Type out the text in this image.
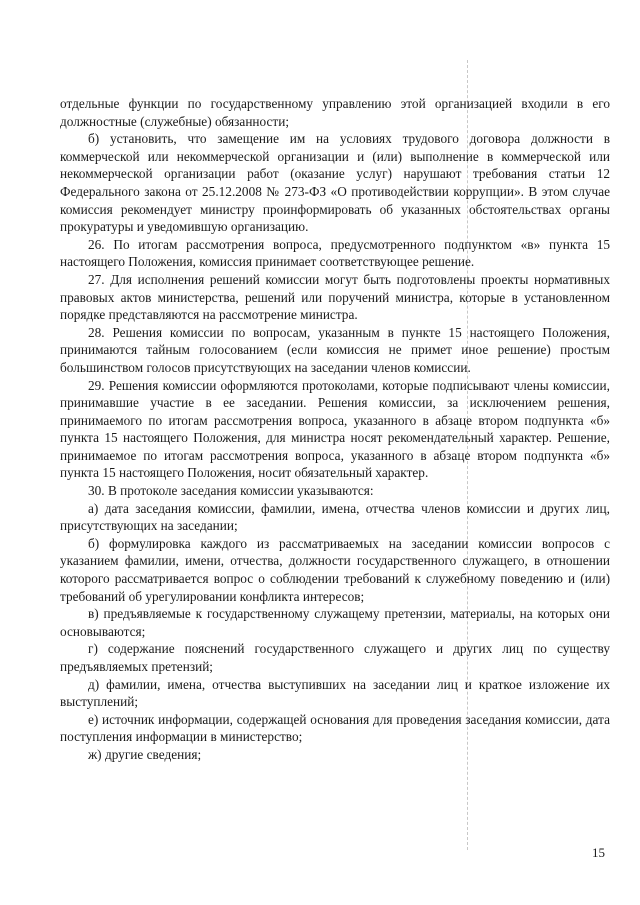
отдельные функции по государственному управлению этой организацией входили в его должностные (служебные) обязанности;

б) установить, что замещение им на условиях трудового договора должности в коммерческой или некоммерческой организации и (или) выполнение в коммерческой или некоммерческой организации работ (оказание услуг) нарушают требования статьи 12 Федерального закона от 25.12.2008 № 273-ФЗ «О противодействии коррупции». В этом случае комиссия рекомендует министру проинформировать об указанных обстоятельствах органы прокуратуры и уведомившую организацию.

26. По итогам рассмотрения вопроса, предусмотренного подпунктом «в» пункта 15 настоящего Положения, комиссия принимает соответствующее решение.

27. Для исполнения решений комиссии могут быть подготовлены проекты нормативных правовых актов министерства, решений или поручений министра, которые в установленном порядке представляются на рассмотрение министра.

28. Решения комиссии по вопросам, указанным в пункте 15 настоящего Положения, принимаются тайным голосованием (если комиссия не примет иное решение) простым большинством голосов присутствующих на заседании членов комиссии.

29. Решения комиссии оформляются протоколами, которые подписывают члены комиссии, принимавшие участие в ее заседании. Решения комиссии, за исключением решения, принимаемого по итогам рассмотрения вопроса, указанного в абзаце втором подпункта «б» пункта 15 настоящего Положения, для министра носят рекомендательный характер. Решение, принимаемое по итогам рассмотрения вопроса, указанного в абзаце втором подпункта «б» пункта 15 настоящего Положения, носит обязательный характер.

30. В протоколе заседания комиссии указываются:

а) дата заседания комиссии, фамилии, имена, отчества членов комиссии и других лиц, присутствующих на заседании;

б) формулировка каждого из рассматриваемых на заседании комиссии вопросов с указанием фамилии, имени, отчества, должности государственного служащего, в отношении которого рассматривается вопрос о соблюдении требований к служебному поведению и (или) требований об урегулировании конфликта интересов;

в) предъявляемые к государственному служащему претензии, материалы, на которых они основываются;

г) содержание пояснений государственного служащего и других лиц по существу предъявляемых претензий;

д) фамилии, имена, отчества выступивших на заседании лиц и краткое изложение их выступлений;

е) источник информации, содержащей основания для проведения заседания комиссии, дата поступления информации в министерство;

ж) другие сведения;

15
